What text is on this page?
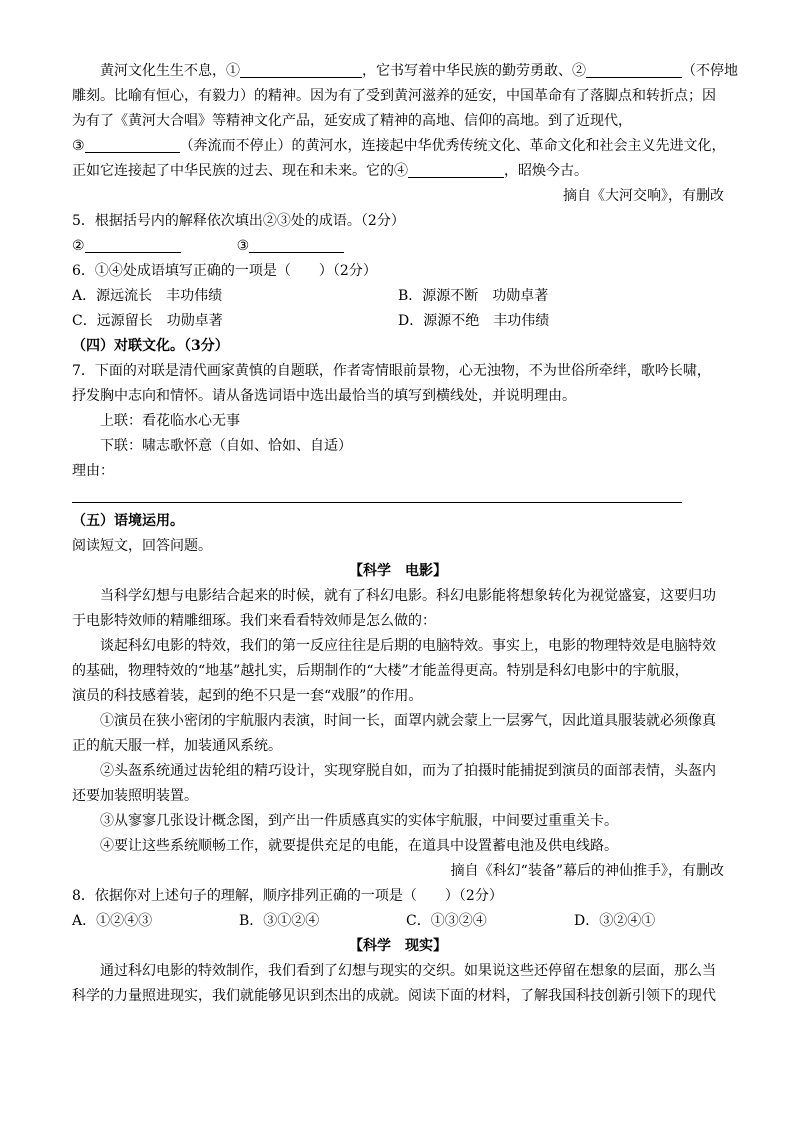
黄河文化生生不息，①	，它书写着中华民族的勤劳勇敢、②	（不停地
雕刻。比喻有恒心，有毅力）的精神。因为有了受到黄河滋养的延安，中国革命有了落脚点和转折点；因
为有了《黄河大合唱》等精神文化产品，延安成了精神的高地、信仰的高地。到了近现代，
③	（奔流而不停止）的黄河水，连接起中华优秀传统文化、革命文化和社会主义先进文化，
正如它连接起了中华民族的过去、现在和未来。它的④	，昭焕今古。
摘自《大河交响》，有删改
5．根据括号内的解释依次填出②③处的成语。（2分）
②	③
6．①④处成语填写正确的一项是（　　）（2分）
A．源远流长　丰功伟绩	B．源源不断　功勋卓著
C．远源留长　功勋卓著	D．源源不绝　丰功伟绩
（四）对联文化。（3分）
7．下面的对联是清代画家黄慎的自题联，作者寄情眼前景物，心无浊物，不为世俗所牵绊，歌吟长啸，
抒发胸中志向和情怀。请从备选词语中选出最恰当的填写到横线处，并说明理由。
上联：看花临水心无事
下联：啸志歌怀意（自如、恰如、自适）
理由：
（五）语境运用。
阅读短文，回答问题。
【科学　电影】
当科学幻想与电影结合起来的时候，就有了科幻电影。科幻电影能将想象转化为视觉盛宴，这要归功
于电影特效师的精雕细琢。我们来看看特效师是怎么做的：
谈起科幻电影的特效，我们的第一反应往往是后期的电脑特效。事实上，电影的物理特效是电脑特效
的基础，物理特效的“地基”越扎实，后期制作的“大楼”才能盖得更高。特别是科幻电影中的宇航服，
演员的科技感着装，起到的绝不只是一套“戏服”的作用。
①演员在狭小密闭的宇航服内表演，时间一长，面罩内就会蒙上一层雾气，因此道具服装就必须像真
正的航天服一样，加装通风系统。
②头盔系统通过齿轮组的精巧设计，实现穿脱自如，而为了拍摄时能捕捉到演员的面部表情，头盔内
还要加装照明装置。
③从寥寥几张设计概念图，到产出一件质感真实的实体宇航服，中间要过重重关卡。
④要让这些系统顺畅工作，就要提供充足的电能，在道具中设置蓄电池及供电线路。
摘自《科幻“装备”幕后的神仙推手》，有删改
8．依据你对上述句子的理解，顺序排列正确的一项是（　　）（2分）
A．①②④③	B．③①②④	C．①③②④	D．③②④①
【科学　现实】
通过科幻电影的特效制作，我们看到了幻想与现实的交织。如果说这些还停留在想象的层面，那么当
科学的力量照进现实，我们就能够见识到杰出的成就。阅读下面的材料，了解我国科技创新引领下的现代
